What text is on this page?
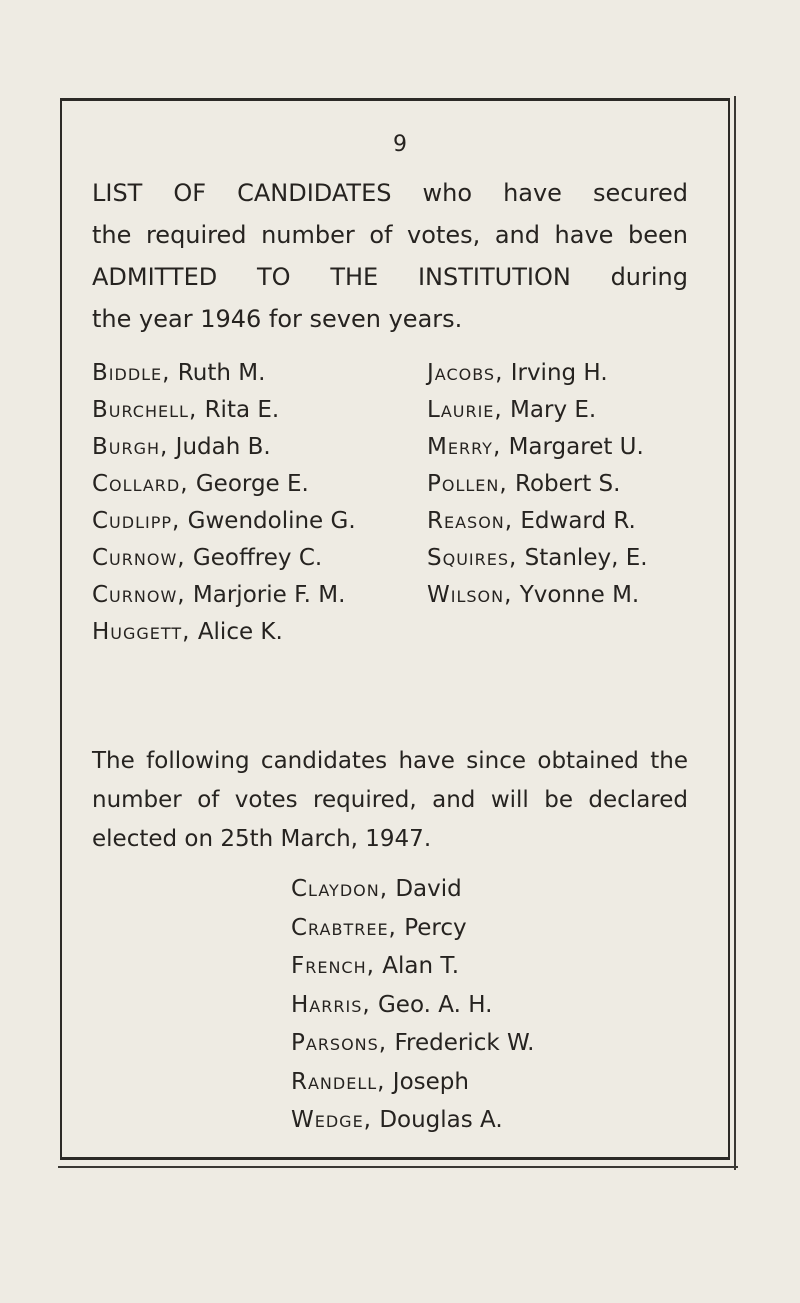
9
LIST OF CANDIDATES who have secured
the required number of votes, and have been
ADMITTED TO THE INSTITUTION during
the year 1946 for seven years.
Biddle, Ruth M.
Burchell, Rita E.
Burgh, Judah B.
Collard, George E.
Cudlipp, Gwendoline G.
Curnow, Geoffrey C.
Curnow, Marjorie F. M.
Huggett, Alice K.
Jacobs, Irving H.
Laurie, Mary E.
Merry, Margaret U.
Pollen, Robert S.
Reason, Edward R.
Squires, Stanley, E.
Wilson, Yvonne M.
The following candidates have since obtained the
number of votes required, and will be declared
elected on 25th March, 1947.
Claydon, David
Crabtree, Percy
French, Alan T.
Harris, Geo. A. H.
Parsons, Frederick W.
Randell, Joseph
Wedge, Douglas A.
